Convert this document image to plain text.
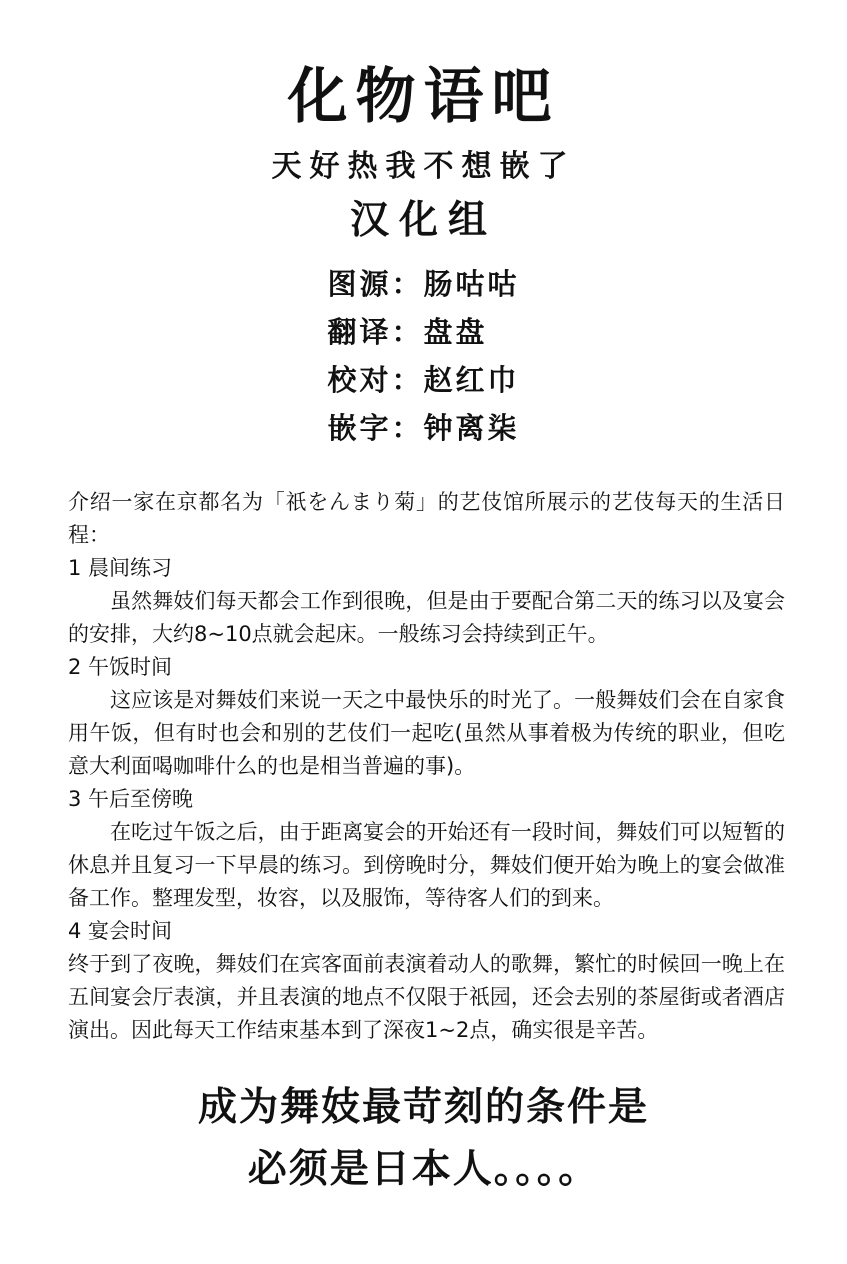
化物语吧
天好热我不想嵌了
汉化组
图源：肠咕咕
翻译：盘盘
校对：赵红巾
嵌字：钟离柒
介绍一家在京都名为「祇をんまり菊」的艺伎馆所展示的艺伎每天的生活日程：
1 晨间练习
虽然舞妓们每天都会工作到很晚，但是由于要配合第二天的练习以及宴会的安排，大约8~10点就会起床。一般练习会持续到正午。
2 午饭时间
这应该是对舞妓们来说一天之中最快乐的时光了。一般舞妓们会在自家食用午饭，但有时也会和别的艺伎们一起吃(虽然从事着极为传统的职业，但吃意大利面喝咖啡什么的也是相当普遍的事)。
3 午后至傍晚
在吃过午饭之后，由于距离宴会的开始还有一段时间，舞妓们可以短暂的休息并且复习一下早晨的练习。到傍晚时分，舞妓们便开始为晚上的宴会做准备工作。整理发型，妆容，以及服饰，等待客人们的到来。
4 宴会时间
终于到了夜晚，舞妓们在宾客面前表演着动人的歌舞，繁忙的时候回一晚上在五间宴会厅表演，并且表演的地点不仅限于祇园，还会去别的茶屋街或者酒店演出。因此每天工作结束基本到了深夜1~2点，确实很是辛苦。
成为舞妓最苛刻的条件是
必须是日本人。。。。
